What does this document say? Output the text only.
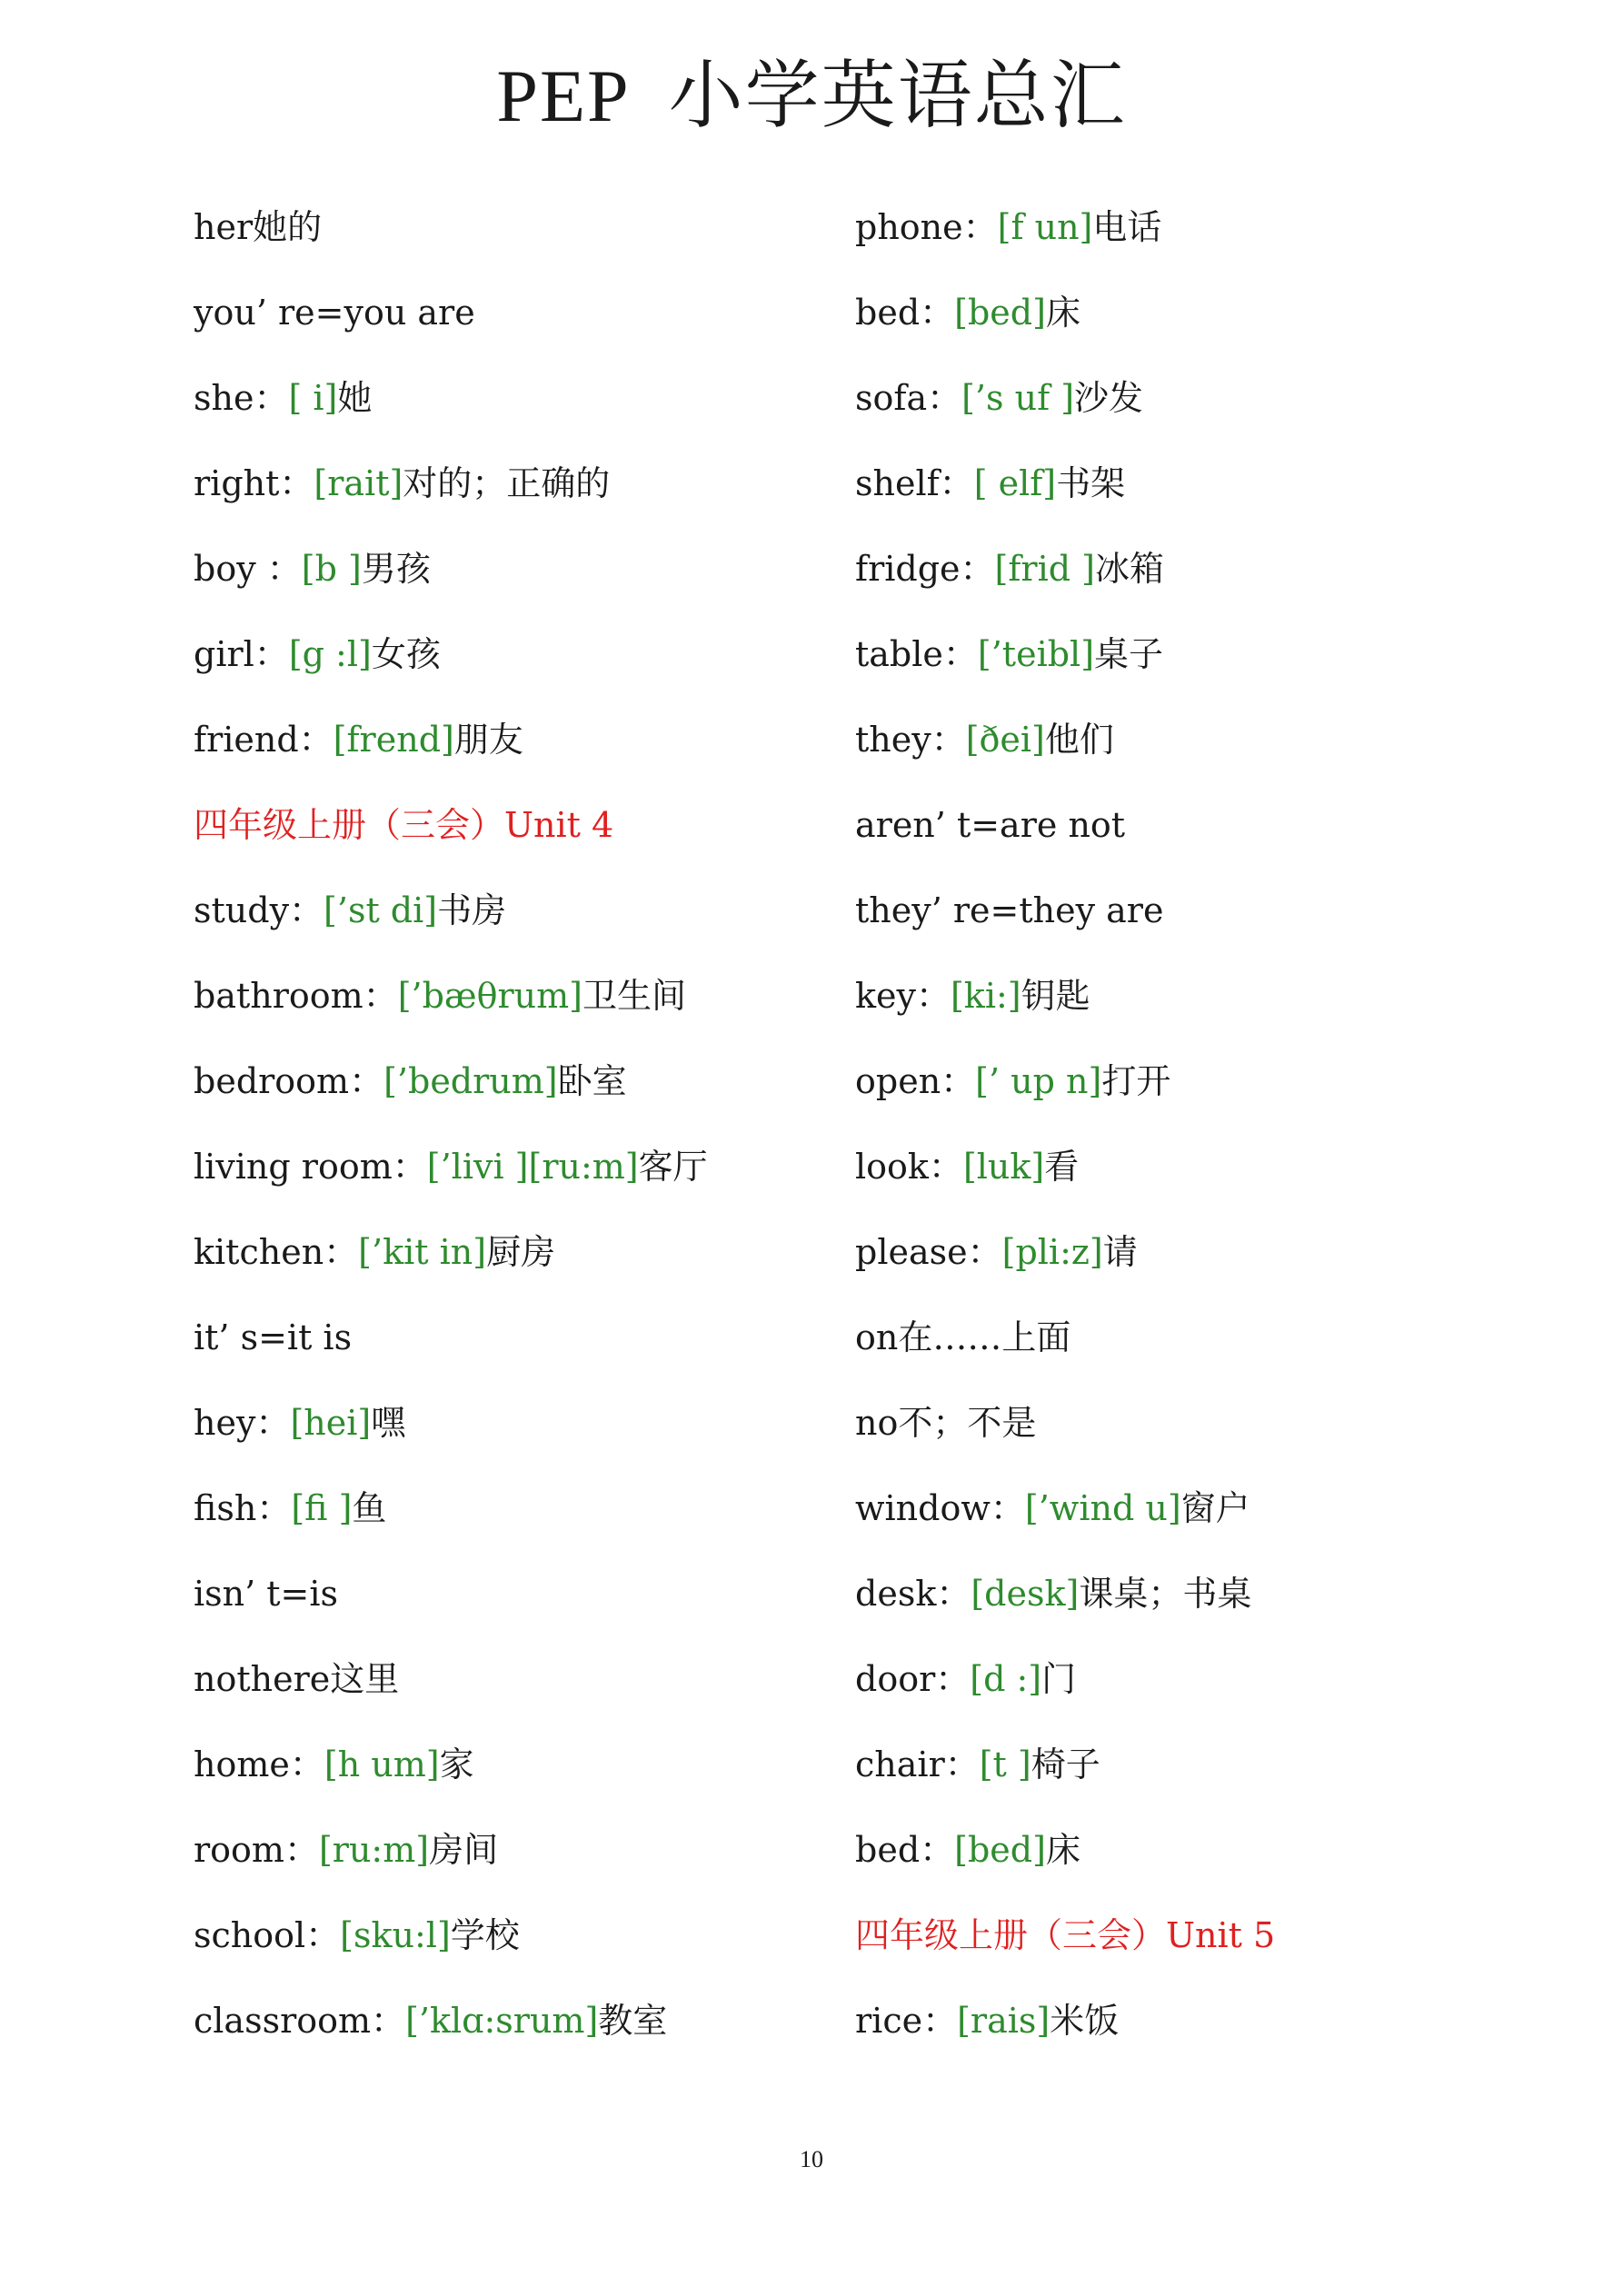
PEP  小学英语总汇
her她的
you’ re=you are
she：[ i]她
right：[rait]对的；正确的
boy ：[b ]男孩
girl：[g :l]女孩
friend：[frend]朋友
四年级上册（三会）Unit 4
study：[’st di]书房
bathroom：[’bæθrum]卫生间
bedroom：[’bedrum]卧室
living room：[’livi ][ru:m]客厅
kitchen：[’kit in]厨房
it’ s=it is
hey：[hei]嘿
fish：[fi ]鱼
isn’ t=is
nothere这里
home：[h um]家
room：[ru:m]房间
school：[sku:l]学校
classroom：[’klɑ:srum]教室
phone：[f un]电话
bed：[bed]床
sofa：[’s uf ]沙发
shelf：[ elf]书架
fridge：[frid ]冰箱
table：[’teibl]桌子
they：[ðei]他们
aren’ t=are not
they’ re=they are
key：[ki:]钥匙
open：[’ up n]打开
look：[luk]看
please：[pli:z]请
on在……上面
no不；不是
window：[’wind u]窗户
desk：[desk]课桌；书桌
door：[d :]门
chair：[t ]椅子
bed：[bed]床
四年级上册（三会）Unit 5
rice：[rais]米饭
10
